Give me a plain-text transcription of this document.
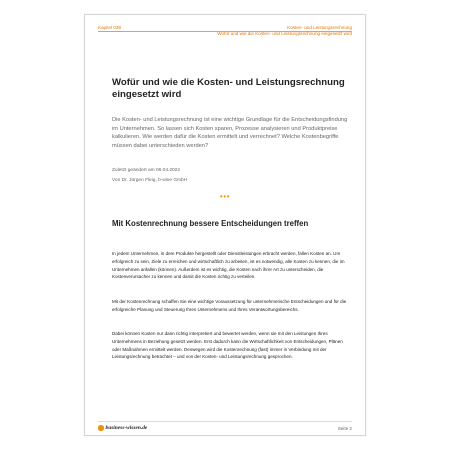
Kapitel 039	Kosten- und Leistungsrechnung
Wofür und wie die Kosten- und Leistungsrechnung eingesetzt wird
Wofür und wie die Kosten- und Leistungsrechnung eingesetzt wird

Die Kosten- und Leistungsrechnung ist eine wichtige Grundlage für die Entscheidungsfindung im Unternehmen. So lassen sich Kosten sparen, Prozesse analysieren und Produktpreise kalkulieren. Wie werden dafür die Kosten ermittelt und verrechnet? Welche Kostenbegriffe müssen dabei unterschieden werden?

Zuletzt geändert am 06.04.2022
Von Dr. Jürgen Fleig, b-wise GmbH
•••
Mit Kostenrechnung bessere Entscheidungen treffen

In jedem Unternehmen, in dem Produkte hergestellt oder Dienstleistungen erbracht werden, fallen Kosten an. Um erfolgreich zu sein, Ziele zu erreichen und wirtschaftlich zu arbeiten, ist es notwendig, alle Kosten zu kennen, die im Unternehmen anfallen (können). Außerdem ist es wichtig, die Kosten nach ihrer Art zu unterscheiden, die Kostenverursacher zu kennen und damit die Kosten richtig zu verteilen.

Mit der Kostenrechnung schaffen Sie eine wichtige Voraussetzung für unternehmerische Entscheidungen und für die erfolgreiche Planung und Steuerung Ihres Unternehmens und Ihres Verantwortungsbereichs.

Dabei können Kosten nur dann richtig interpretiert und bewertet werden, wenn sie mit den Leistungen Ihres Unternehmens in Beziehung gesetzt werden. Erst dadurch kann die Wirtschaftlichkeit von Entscheidungen, Plänen oder Maßnahmen ermittelt werden. Deswegen wird die Kostenrechnung (fast) immer in Verbindung mit der Leistungsrechnung betrachtet – und von der Kosten- und Leistungsrechnung gesprochen.

business-wissen.de	Seite 2
